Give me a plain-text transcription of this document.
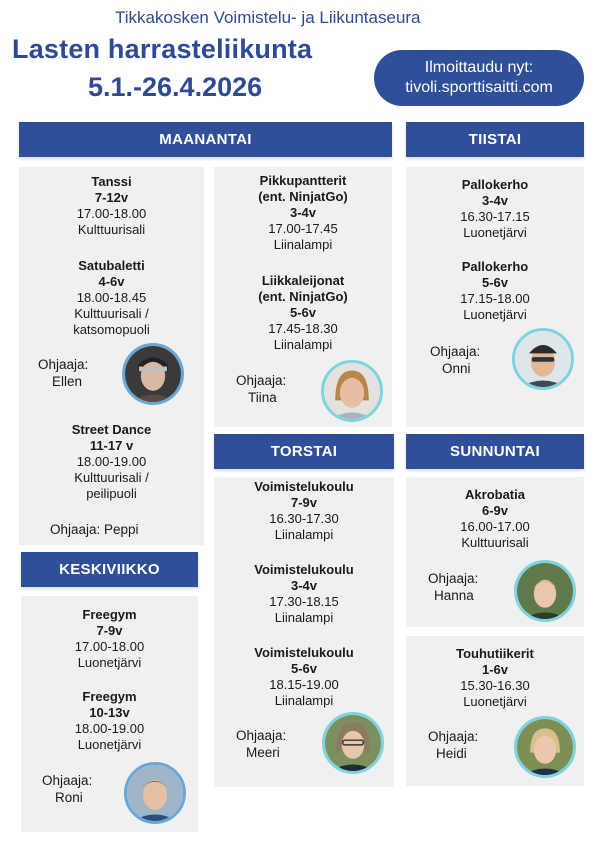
Tikkakosken Voimistelu- ja Liikuntaseura
Lasten harrasteliikunta
5.1.-26.4.2026
Ilmoittaudu nyt:
tivoli.sporttisaitti.com
MAANANTAI
Tanssi
7-12v
17.00-18.00
Kulttuurisali
Satubaletti
4-6v
18.00-18.45
Kulttuurisali /
katsomopuoli
Ohjaaja:
Ellen
Street Dance
11-17 v
18.00-19.00
Kulttuurisali /
peilipuoli
Ohjaaja: Peppi
Pikkupantterit
(ent. NinjatGo)
3-4v
17.00-17.45
Liinalampi
Liikkaleijonat
(ent. NinjatGo)
5-6v
17.45-18.30
Liinalampi
Ohjaaja:
Tiina
TIISTAI
Pallokerho
3-4v
16.30-17.15
Luonetjärvi
Pallokerho
5-6v
17.15-18.00
Luonetjärvi
Ohjaaja:
Onni
KESKIVIIKKO
Freegym
7-9v
17.00-18.00
Luonetjärvi
Freegym
10-13v
18.00-19.00
Luonetjärvi
Ohjaaja:
Roni
TORSTAI
Voimistelukoulu
7-9v
16.30-17.30
Liinalampi
Voimistelukoulu
3-4v
17.30-18.15
Liinalampi
Voimistelukoulu
5-6v
18.15-19.00
Liinalampi
Ohjaaja:
Meeri
SUNNUNTAI
Akrobatia
6-9v
16.00-17.00
Kulttuurisali
Ohjaaja:
Hanna
Touhutiikerit
1-6v
15.30-16.30
Luonetjärvi
Ohjaaja:
Heidi
